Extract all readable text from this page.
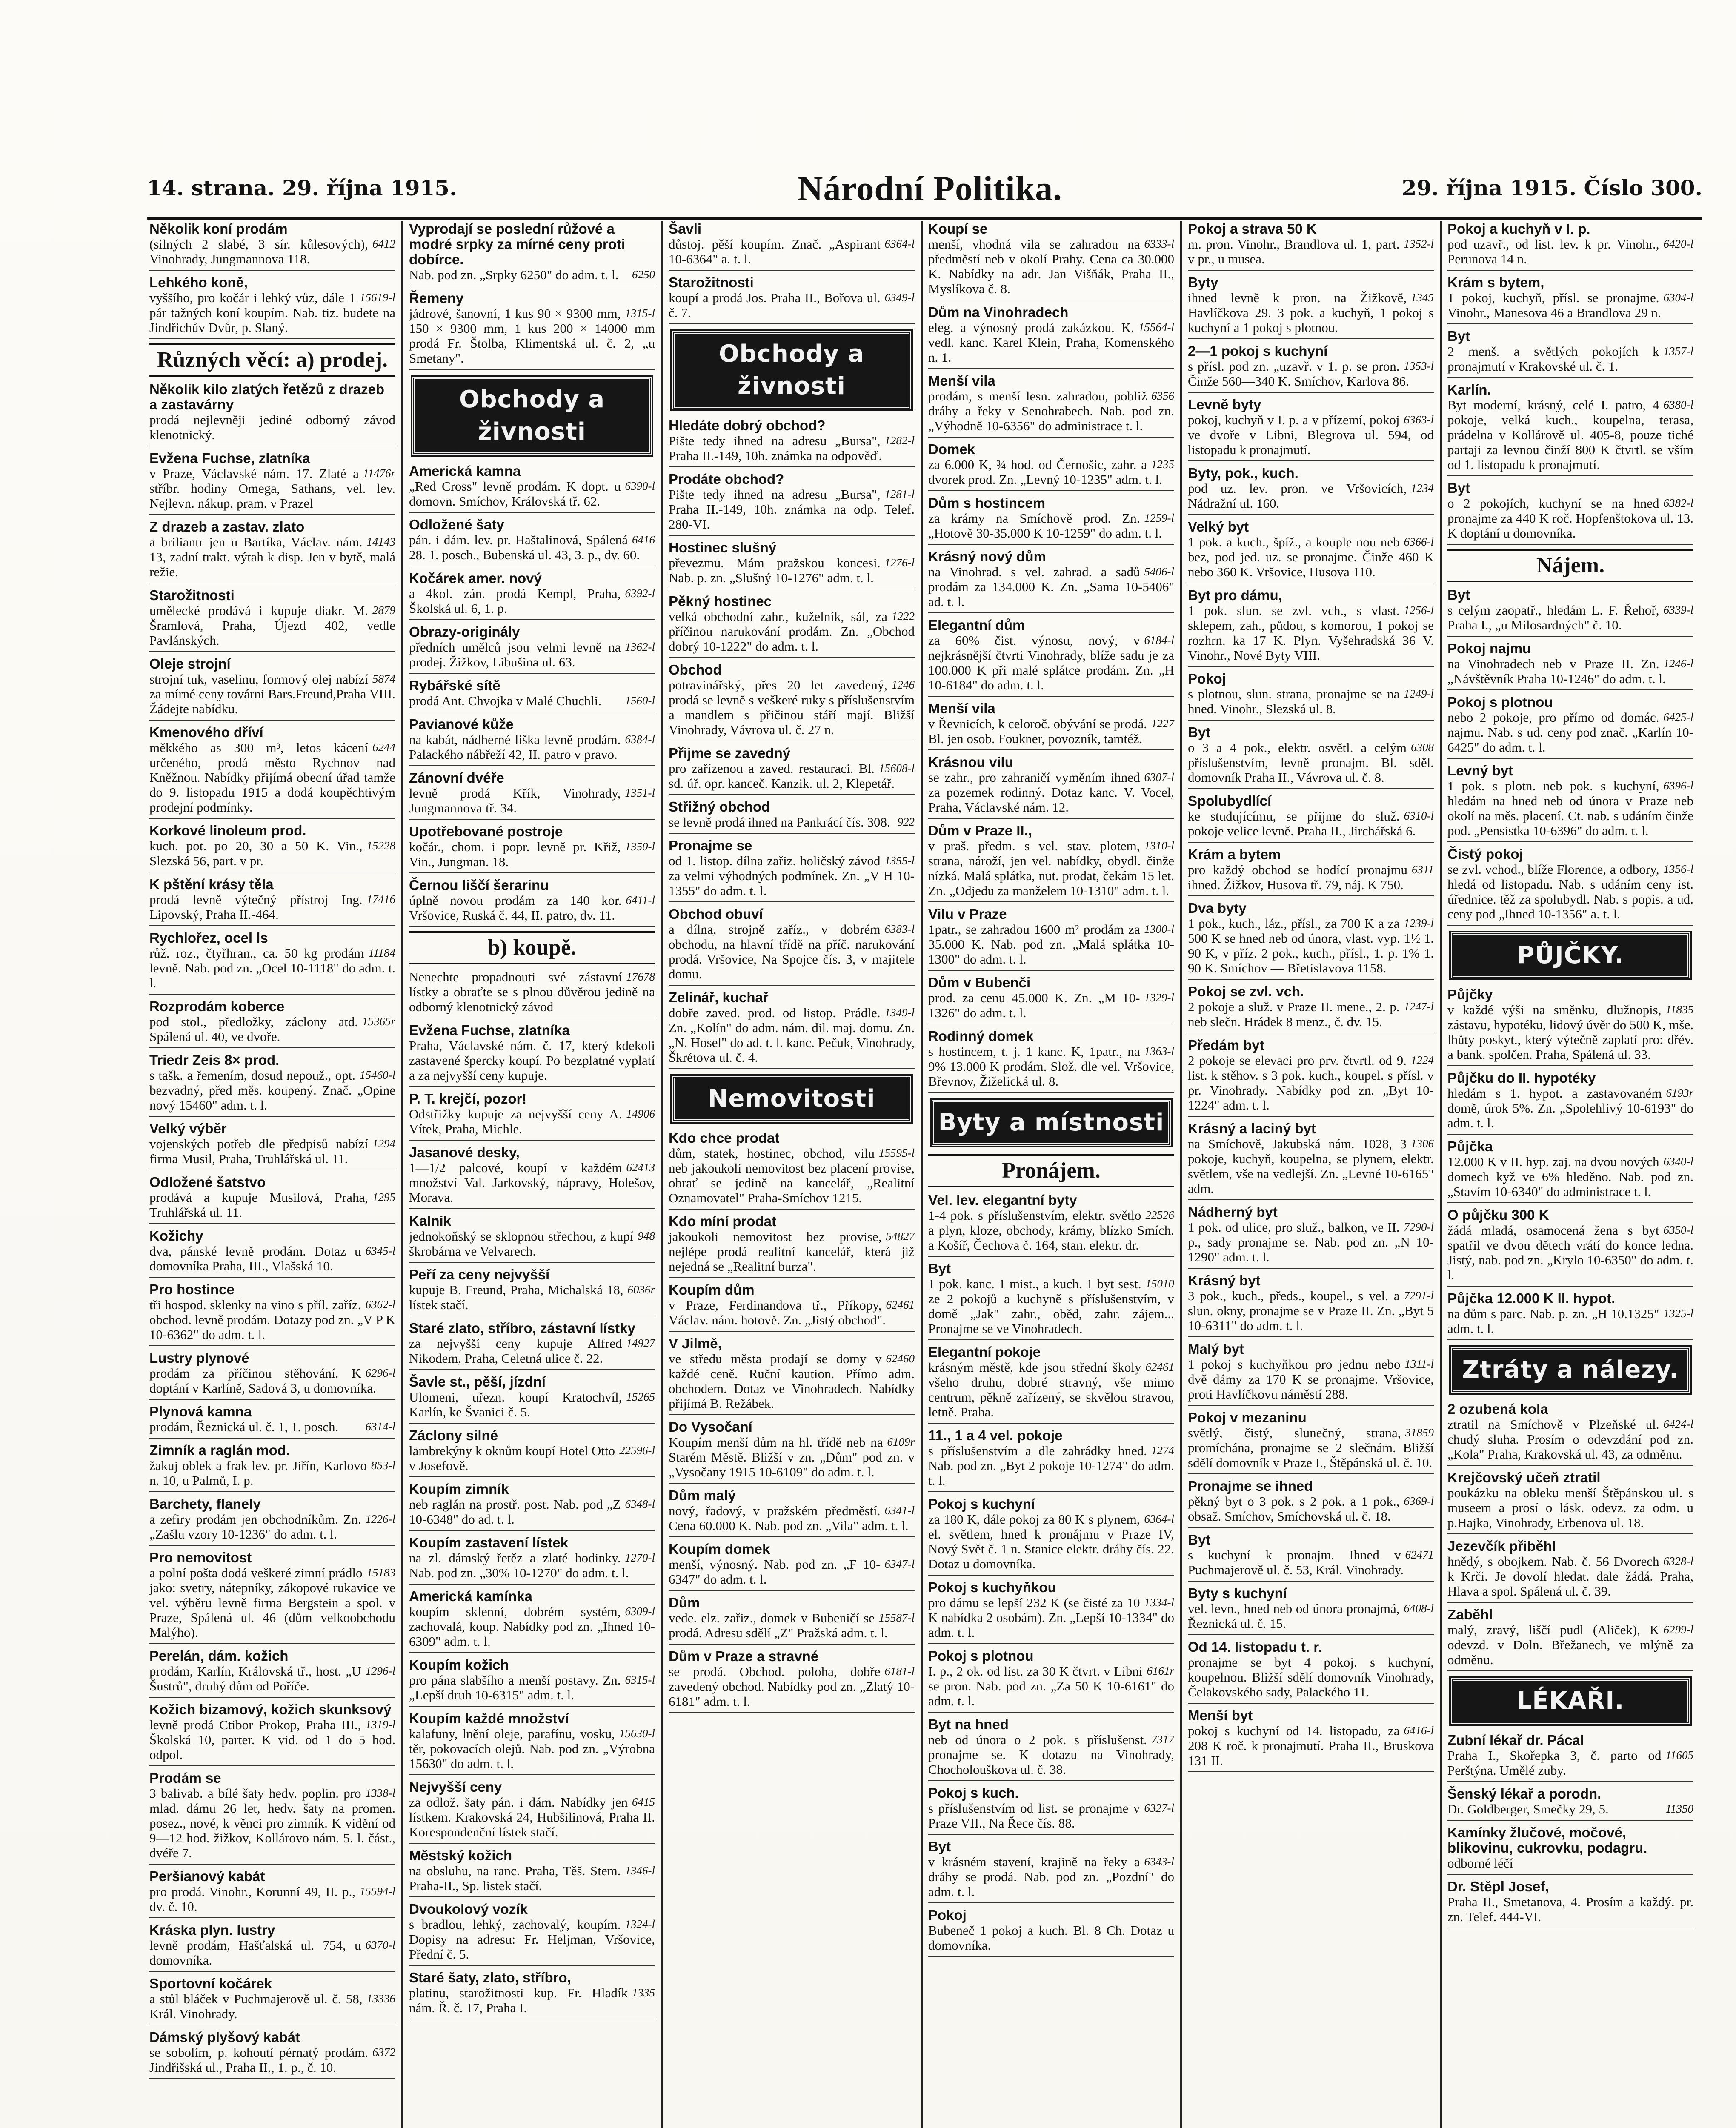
14. strana. 29. října 1915.	Národní Politika.	29. října 1915. Číslo 300.

Několik koní prodám

6412
(silných 2 slabé, 3 sír. kůlesových), Vinohrady, Jungmannova 118.

Lehkého koně,

15619-l
vyššího, pro kočár i lehký vůz, dále 1 pár tažných koní koupím. Nab. tiz. budete na Jindřichův Dvůr, p. Slaný.

Různých věcí: a) prodej.

Několik kilo zlatých řetězů z drazeb a zastavárny

prodá nejlevněji jediné odborný závod klenotnický.

Evžena Fuchse, zlatníka

11476r
v Praze, Václavské nám. 17. Zlaté a stříbr. hodiny Omega, Sathans, vel. lev. Nejlevn. nákup. pram. v Prazel

Z drazeb a zastav. zlato

14143
a briliantr jen u Bartíka, Václav. nám. 13, zadní trakt. výtah k disp. Jen v bytě, malá režie.

Starožitnosti

2879
umělecké prodává i kupuje diakr. M. Šramlová, Praha, Újezd 402, vedle Pavlánských.

Oleje strojní

5874
strojní tuk, vaselinu, formový olej nabízí za mírné ceny továrni Bars.Freund,Praha VIII. Žádejte nabídku.

Kmenového dříví

6244
měkkého as 300 m³, letos kácení určeného, prodá město Rychnov nad Kněžnou. Nabídky přijímá obecní úřad tamže do 9. listopadu 1915 a dodá koupěchtivým prodejní podmínky.

Korkové linoleum prod.

15228
kuch. pot. po 20, 30 a 50 K. Vin., Slezská 56, part. v pr.

K pštění krásy těla

17416
prodá levně výtečný přístroj Ing. Lipovský, Praha II.-464.

Rychlořez, ocel ls

11184
růž. roz., čtyřhran., ca. 50 kg prodám levně. Nab. pod zn. „Ocel 10-1118" do adm. t. l.

Rozprodám koberce

15365r
pod stol., předložky, záclony atd. Spálená ul. 40, ve dvoře.

Triedr Zeis 8× prod.

15460-l
s tašk. a řemením, dosud nepouž., opt. bezvadný, před měs. koupený. Znač. „Opine nový 15460" adm. t. l.

Velký výběr

1294
vojenských potřeb dle předpisů nabízí firma Musil, Praha, Truhlářská ul. 11.

Odložené šatstvo

1295
prodává a kupuje Musilová, Praha, Truhlářská ul. 11.

Kožichy

6345-l
dva, pánské levně prodám. Dotaz u domovníka Praha, III., Vlašská 10.

Pro hostince

6362-l
tři hospod. sklenky na vino s příl. zaříz. obchod. levně prodám. Dotazy pod zn. „V P K 10-6362" do adm. t. l.

Lustry plynové

6296-l
prodám za příčinou stěhování. K doptání v Karlíně, Sadová 3, u domovníka.

Plynová kamna

6314-l
prodám, Řeznická ul. č. 1, 1. posch.

Zimník a raglán mod.

853-l
žakuj oblek a frak lev. pr. Jiřín, Karlovo n. 10, u Palmů, I. p.

Barchety, flanely

1226-l
a zefiry prodám jen obchodníkům. Zn. „Zašlu vzory 10-1236" do adm. t. l.

Pro nemovitost

15183
a polní pošta dodá veškeré zimní prádlo jako: svetry, nátepníky, zákopové rukavice ve vel. výběru levně firma Bergstein a spol. v Praze, Spálená ul. 46 (dům velkoobchodu Malýho).

Perelán, dám. kožich

1296-l
prodám, Karlín, Královská tř., host. „U Šustrů", druhý dům od Poříče.

Kožich bizamový, kožich skunksový

1319-l
levně prodá Ctibor Prokop, Praha III., Školská 10, parter. K vid. od 1 do 5 hod. odpol.

Prodám se

1338-l
3 balivab. a bílé šaty hedv. poplin. pro mlad. dámu 26 let, hedv. šaty na promen. posez., nové, k věnci pro zimník. K vidění od 9—12 hod. žižkov, Kollárovo nám. 5. l. část., dvéře 7.

Peršianový kabát

15594-l
pro prodá. Vinohr., Korunní 49, II. p., dv. č. 10.

Kráska plyn. lustry

6370-l
levně prodám, Hašťalská ul. 754, u domovníka.

Sportovní kočárek

13336
a stůl bláček v Puchmajerově ul. č. 58, Král. Vinohrady.

Dámský plyšový kabát

6372
se sobolím, p. kohoutí pérnatý prodám. Jindřišská ul., Praha II., 1. p., č. 10.

Vyprodají se poslední růžové a modré srpky za mírné ceny proti dobírce.

6250
Nab. pod zn. „Srpky 6250" do adm. t. l.

Řemeny

1315-l
jádrové, šanovní, 1 kus 90 × 9300 mm, 150 × 9300 mm, 1 kus 200 × 14000 mm prodá Fr. Štolba, Klimentská ul. č. 2, „u Smetany".

Obchody a živnosti

Americká kamna

6390-l
„Red Cross" levně prodám. K dopt. u domovn. Smíchov, Královská tř. 62.

Odložené šaty

6416
pán. i dám. lev. pr. Haštalinová, Spálená 28. 1. posch., Bubenská ul. 43, 3. p., dv. 60.

Kočárek amer. nový

6392-l
a 4kol. zán. prodá Kempl, Praha, Školská ul. 6, 1. p.

Obrazy-originály

1362-l
předních umělců jsou velmi levně na prodej. Žižkov, Libušina ul. 63.

Rybářské sítě

1560-l
prodá Ant. Chvojka v Malé Chuchli.

Pavianové kůže

6384-l
na kabát, nádherné liška levně prodám. Palackého nábřeží 42, II. patro v pravo.

Zánovní dvéře

1351-l
levně prodá Křík, Vinohrady, Jungmannova tř. 34.

Upotřebované postroje

1350-l
kočár., chom. i popr. levně pr. Křiž, Vin., Jungman. 18.

Černou liščí šerarinu

6411-l
úplně novou prodám za 140 kor. Vršovice, Ruská č. 44, II. patro, dv. 11.

b) koupě.

17678
Nenechte propadnouti své zástavní lístky a obraťte se s plnou důvěrou jedině na odborný klenotnický závod

Evžena Fuchse, zlatníka

Praha, Václavské nám. č. 17, který kdekoli zastavené špercky koupí. Po bezplatné vyplatí a za nejvyšší ceny kupuje.

P. T. krejčí, pozor!

14906
Odstřižky kupuje za nejvyšší ceny A. Vítek, Praha, Michle.

Jasanové desky,

62413
1—1/2 palcové, koupí v každém množství Val. Jarkovský, nápravy, Holešov, Morava.

Kalnik

948
jednokoňský se sklopnou střechou, z kupí škrobárna ve Velvarech.

Peří za ceny nejvyšší

6036r
kupuje B. Freund, Praha, Michalská 18, lístek stačí.

Staré zlato, stříbro, zástavní lístky

14927
za nejvyšší ceny kupuje Alfred Nikodem, Praha, Celetná ulice č. 22.

Šavle st., pěší, jízdní

15265
Ulomeni, uřezn. koupí Kratochvíl, Karlín, ke Švanici č. 5.

Záclony silné

22596-l
lambrekýny k oknům koupí Hotel Otto v Josefově.

Koupím zimník

6348-l
neb raglán na prostř. post. Nab. pod „Z 10-6348" do ad. t. l.

Koupím zastavení lístek

1270-l
na zl. dámský řetěz a zlaté hodinky. Nab. pod zn. „30% 10-1270" do adm. t. l.

Americká kamínka

6309-l
koupím sklenní, dobrém systém, zachovalá, koup. Nabídky pod zn. „Ihned 10-6309" adm. t. l.

Koupím kožich

6315-l
pro pána slabšího a menší postavy. Zn. „Lepší druh 10-6315" adm. t. l.

Koupím každé množství

15630-l
kalafuny, lnění oleje, parafínu, vosku, těr, pokovacích olejů. Nab. pod zn. „Výrobna 15630" do adm. t. l.

Nejvyšší ceny

6415
za odlož. šaty pán. i dám. Nabídky jen lístkem. Krakovská 24, Hubšilinová, Praha II. Korespondenční lístek stačí.

Městský kožich

1346-l
na obsluhu, na ranc. Praha, Těš. Stem. Praha-II., Sp. listek stačí.

Dvoukolový vozík

1324-l
s bradlou, lehký, zachovalý, koupím. Dopisy na adresu: Fr. Heljman, Vršovice, Přední č. 5.

Staré šaty, zlato, stříbro,

1335
platinu, starožitnosti kup. Fr. Hladík nám. Ř. č. 17, Praha I.

Šavli

6364-l
důstoj. pěší koupím. Znač. „Aspirant 10-6364" a. t. l.

Starožitnosti

6349-l
koupí a prodá Jos. Praha II., Bořova ul. č. 7.

Obchody a živnosti

Hledáte dobrý obchod?

1282-l
Pište tedy ihned na adresu „Bursa", Praha II.-149, 10h. známka na odpověď.

Prodáte obchod?

1281-l
Pište tedy ihned na adresu „Bursa", Praha II.-149, 10h. známka na odp. Telef. 280-VI.

Hostinec slušný

1276-l
převezmu. Mám pražskou koncesi. Nab. p. zn. „Slušný 10-1276" adm. t. l.

Pěkný hostinec

1222
velká obchodní zahr., kuželník, sál, za příčinou narukování prodám. Zn. „Obchod dobrý 10-1222" do adm. t. l.

Obchod

1246
potravinářský, přes 20 let zavedený, prodá se levně s veškeré ruky s příslušenstvím a mandlem s přičinou stáří mají. Bližší Vinohrady, Vávrova ul. č. 27 n.

Přijme se zavedný

15608-l
pro zařízenou a zaved. restauraci. Bl. sd. úř. opr. kanceč. Kanzik. ul. 2, Klepetář.

Střižný obchod

922
se levně prodá ihned na Pankrácí čís. 308.

Pronajme se

1355-l
od 1. listop. dílna zařiz. holičský závod za velmi výhodných podmínek. Zn. „V H 10-1355" do adm. t. l.

Obchod obuví

6383-l
a dílna, strojně zaříz., v dobrém obchodu, na hlavní třídě na příč. narukování prodá. Vršovice, Na Spojce čís. 3, v majitele domu.

Zelinář, kuchař

1349-l
dobře zaved. prod. od listop. Prádle. Zn. „Kolín" do adm. nám. dil. maj. domu. Zn. „N. Hosel" do ad. t. l. kanc. Pečuk, Vinohrady, Škrétova ul. č. 4.

Nemovitosti

Kdo chce prodat

15595-l
dům, statek, hostinec, obchod, vilu neb jakoukoli nemovitost bez placení provise, obrať se jedině na kancelář, „Realitní Oznamovatel" Praha-Smíchov 1215.

Kdo míní prodat

54827
jakoukoli nemovitost bez provise, nejlépe prodá realitní kancelář, která již nejedná se „Realitní burza".

Koupím dům

62461
v Praze, Ferdinandova tř., Příkopy, Václav. nám. hotově. Zn. „Jistý obchod".

V Jilmě,

62460
ve středu města prodají se domy v každé ceně. Ruční kaution. Přímo adm. obchodem. Dotaz ve Vinohradech. Nabídky přijímá B. Režábek.

Do Vysočaní

6109r
Koupím menší dům na hl. třídě neb na Starém Městě. Bližší v zn. „Dům" pod zn. v „Vysočany 1915 10-6109" do adm. t. l.

Dům malý

6341-l
nový, řadový, v pražském předměstí. Cena 60.000 K. Nab. pod zn. „Vila" adm. t. l.

Koupím domek

6347-l
menší, výnosný. Nab. pod zn. „F 10-6347" do adm. t. l.

Dům

15587-l
vede. elz. zařiz., domek v Bubeničí se prodá. Adresu sdělí „Z" Pražská adm. t. l.

Dům v Praze a stravné

6181-l
se prodá. Obchod. poloha, dobře zavedený obchod. Nabídky pod zn. „Zlatý 10-6181" adm. t. l.

Koupí se

6333-l
menší, vhodná vila se zahradou na předměstí neb v okolí Prahy. Cena ca 30.000 K. Nabídky na adr. Jan Višňák, Praha II., Myslíkova č. 8.

Dům na Vinohradech

15564-l
eleg. a výnosný prodá zakázkou. K. vedl. kanc. Karel Klein, Praha, Komenského n. 1.

Menší vila

6356
prodám, s menší lesn. zahradou, pobliž dráhy a řeky v Senohrabech. Nab. pod zn. „Výhodně 10-6356" do administrace t. l.

Domek

1235
za 6.000 K, ¾ hod. od Černošic, zahr. a dvorek prod. Zn. „Levný 10-1235" adm. t. l.

Dům s hostincem

1259-l
za krámy na Smíchově prod. Zn. „Hotově 30-35.000 K 10-1259" do adm. t. l.

Krásný nový dům

5406-l
na Vinohrad. s vel. zahrad. a sadů prodám za 134.000 K. Zn. „Sama 10-5406" ad. t. l.

Elegantní dům

6184-l
za 60% čist. výnosu, nový, v nejkrásnější čtvrti Vinohrady, blíže sadu je za 100.000 K při malé splátce prodám. Zn. „H 10-6184" do adm. t. l.

Menší vila

1227
v Řevnicích, k celoroč. obývání se prodá. Bl. jen osob. Foukner, povozník, tamtéž.

Krásnou vilu

6307-l
se zahr., pro zahraničí vyměním ihned za pozemek rodinný. Dotaz kanc. V. Vocel, Praha, Václavské nám. 12.

Dům v Praze II.,

1310-l
v praš. předm. s vel. stav. plotem, strana, nároží, jen vel. nabídky, obydl. činže nízká. Malá splátka, nut. prodat, čekám 15 let. Zn. „Odjedu za manželem 10-1310" adm. t. l.

Vilu v Praze

1300-l
1patr., se zahradou 1600 m² prodám za 35.000 K. Nab. pod zn. „Malá splátka 10-1300" do adm. t. l.

Dům v Bubenči

1329-l
prod. za cenu 45.000 K. Zn. „M 10-1326" do adm. t. l.

Rodinný domek

1363-l
s hostincem, t. j. 1 kanc. K, 1patr., na 9% 13.000 K prodám. Slož. dle vel. Vršovice, Břevnov, Žiželická ul. 8.

Byty a místnosti
Pronájem.

Vel. lev. elegantní byty

22526
1-4 pok. s příslušenstvím, elektr. světlo a plyn, kloze, obchody, krámy, blízko Smích. a Košíř, Čechova č. 164, stan. elektr. dr.

Byt

15010
1 pok. kanc. 1 mist., a kuch. 1 byt sest. ze 2 pokojů a kuchyně s příslušenstvím, v domě „Jak" zahr., oběd, zahr. zájem... Pronajme se ve Vinohradech.

Elegantní pokoje

62461
krásným městě, kde jsou střední školy všeho druhu, dobré stravný, vše mimo centrum, pěkně zařízený, se skvělou stravou, letně. Praha.

11., 1 a 4 vel. pokoje

1274
s příslušenstvím a dle zahrádky hned. Nab. pod zn. „Byt 2 pokoje 10-1274" do adm. t. l.

Pokoj s kuchyní

6364-l
za 180 K, dále pokoj za 80 K s plynem, el. světlem, hned k pronájmu v Praze IV, Nový Svět č. 1 n. Stanice elektr. dráhy čís. 22. Dotaz u domovníka.

Pokoj s kuchyňkou

1334-l
pro dámu se lepší 232 K (se čisté za 10 K nabídka 2 osobám). Zn. „Lepší 10-1334" do adm. t. l.

Pokoj s plotnou

6161r
I. p., 2 ok. od list. za 30 K čtvrt. v Libni se pron. Nab. pod zn. „Za 50 K 10-6161" do adm. t. l.

Byt na hned

7317
neb od února o 2 pok. s příslušenst. pronajme se. K dotazu na Vinohrady, Chocholouškova ul. č. 38.

Pokoj s kuch.

6327-l
s příslušenstvím od list. se pronajme v Praze VII., Na Řece čís. 88.

Byt

6343-l
v krásném stavení, krajině na řeky a dráhy se prodá. Nab. pod zn. „Pozdní" do adm. t. l.

Pokoj

Bubeneč 1 pokoj a kuch. Bl. 8 Ch. Dotaz u domovníka.

Pokoj a strava 50 K

1352-l
m. pron. Vinohr., Brandlova ul. 1, part. v pr., u musea.

Byty

1345
ihned levně k pron. na Žižkově, Havlíčkova 29. 3 pok. a kuchyň, 1 pokoj s kuchyní a 1 pokoj s plotnou.

2—1 pokoj s kuchyní

1353-l
s přísl. pod zn. „uzavř. v 1. p. se pron. Činže 560—340 K. Smíchov, Karlova 86.

Levně byty

6363-l
pokoj, kuchyň v I. p. a v přízemí, pokoj ve dvoře v Libni, Blegrova ul. 594, od listopadu k pronajmutí.

Byty, pok., kuch.

1234
pod uz. lev. pron. ve Vršovicích, Nádražní ul. 160.

Velký byt

6366-l
1 pok. a kuch., špíž., a kouple nou neb bez, pod jed. uz. se pronajme. Činže 460 K nebo 360 K. Vršovice, Husova 110.

Byt pro dámu,

1256-l
1 pok. slun. se zvl. vch., s vlast. sklepem, zah., půdou, s komorou, 1 pokoj se rozhrn. ka 17 K. Plyn. Vyšehradská 36 V. Vinohr., Nové Byty VIII.

Pokoj

1249-l
s plotnou, slun. strana, pronajme se na hned. Vinohr., Slezská ul. 8.

Byt

6308
o 3 a 4 pok., elektr. osvětl. a celým příslušenstvím, levně pronajm. Bl. sděl. domovník Praha II., Vávrova ul. č. 8.

Spolubydlící

6310-l
ke studujícímu, se přijme do služ. pokoje velice levně. Praha II., Jirchářská 6.

Krám a bytem

6311
pro každý obchod se hodící pronajmu ihned. Žižkov, Husova tř. 79, náj. K 750.

Dva byty

1239-l
1 pok., kuch., láz., přísl., za 700 K a za 500 K se hned neb od února, vlast. vyp. 1½ 1. 90 K, v příz. 2 pok., kuch., přísl., 1. p. 1% 1. 90 K. Smíchov — Břetislavova 1158.

Pokoj se zvl. vch.

1247-l
2 pokoje a služ. v Praze II. mene., 2. p. neb slečn. Hrádek 8 menz., č. dv. 15.

Předám byt

1224
2 pokoje se elevaci pro prv. čtvrtl. od 9. list. k stěhov. s 3 pok. kuch., koupel. s přísl. v pr. Vinohrady. Nabídky pod zn. „Byt 10-1224" adm. t. l.

Krásný a laciný byt

1306
na Smíchově, Jakubská nám. 1028, 3 pokoje, kuchyň, koupelna, se plynem, elektr. světlem, vše na vedlejší. Zn. „Levné 10-6165" adm.

Nádherný byt

7290-l
1 pok. od ulice, pro služ., balkon, ve II. p., sady pronajme se. Nab. pod zn. „N 10-1290" adm. t. l.

Krásný byt

7291-l
3 pok., kuch., předs., koupel., s vel. a slun. okny, pronajme se v Praze II. Zn. „Byt 5 10-6311" do adm. t. l.

Malý byt

1311-l
1 pokoj s kuchyňkou pro jednu nebo dvě dámy za 170 K se pronajme. Vršovice, proti Havlíčkovu náměstí 288.

Pokoj v mezaninu

31859
světlý, čistý, slunečný, strana, promíchána, pronajme se 2 slečnám. Bližší sdělí domovník v Praze I., Štěpánská ul. č. 10.

Pronajme se ihned

6369-l
pěkný byt o 3 pok. s 2 pok. a 1 pok., obsaž. Smíchov, Smíchovská ul. č. 18.

Byt

62471
s kuchyní k pronajm. Ihned v Puchmajerově ul. č. 53, Král. Vinohrady.

Byty s kuchyní

6408-l
vel. levn., hned neb od února pronajmá, Řeznická ul. č. 15.

Od 14. listopadu t. r.

pronajme se byt 4 pokoj. s kuchyní, koupelnou. Bližší sdělí domovník Vinohrady, Čelakovského sady, Palackého 11.

Menší byt

6416-l
pokoj s kuchyní od 14. listopadu, za 208 K roč. k pronajmutí. Praha II., Bruskova 131 II.

Pokoj a kuchyň v I. p.

6420-l
pod uzavř., od list. lev. k pr. Vinohr., Perunova 14 n.

Krám s bytem,

6304-l
1 pokoj, kuchyň, přísl. se pronajme. Vinohr., Manesova 46 a Brandlova 29 n.

Byt

1357-l
2 menš. a světlých pokojích k pronajmutí v Krakovské ul. č. 1.

Karlín.

6380-l
Byt moderní, krásný, celé I. patro, 4 pokoje, velká kuch., koupelna, terasa, prádelna v Kollárově ul. 405-8, pouze tiché partaji za levnou činží 800 K čtvrtl. se vším od 1. listopadu k pronajmutí.

Byt

6382-l
o 2 pokojích, kuchyní se na hned pronajme za 440 K roč. Hopfenštokova ul. 13. K doptání u domovníka.

Nájem.

Byt

6339-l
s celým zaopatř., hledám L. F. Řehoř, Praha I., „u Milosardných" č. 10.

Pokoj najmu

1246-l
na Vinohradech neb v Praze II. Zn. „Návštěvník Praha 10-1246" do adm. t. l.

Pokoj s plotnou

6425-l
nebo 2 pokoje, pro přímo od domác. najmu. Nab. s ud. ceny pod znač. „Karlín 10-6425" do adm. t. l.

Levný byt

6396-l
1 pok. s plotn. neb pok. s kuchyní, hledám na hned neb od února v Praze neb okolí na měs. placení. Ct. nab. s udáním činže pod. „Pensistka 10-6396" do adm. t. l.

Čistý pokoj

1356-l
se zvl. vchod., blíže Florence, a odbory, hledá od listopadu. Nab. s udáním ceny ist. úřednice. těž za spolubydl. Nab. s popis. a ud. ceny pod „Ihned 10-1356" a. t. l.

PŮJČKY.

Půjčky

11835
v každé výši na směnku, dlužnopis, zástavu, hypotéku, lidový úvěr do 500 K, mše. lhůty poskyt., který výtečně zaplatí pro: dřév. a bank. spolčen. Praha, Spálená ul. 33.

Půjčku do II. hypotéky

6193r
hledám s 1. hypot. a zastavovaném domě, úrok 5%. Zn. „Spolehlivý 10-6193" do adm. t. l.

Půjčka

6340-l
12.000 K v II. hyp. zaj. na dvou nových domech kyž ve 6% hleděno. Nab. pod zn. „Stavím 10-6340" do administrace t. l.

O půjčku 300 K

6350-l
žádá mladá, osamocená žena s byt spatřil ve dvou dětech vrátí do konce ledna. Jistý, nab. pod zn. „Krylo 10-6350" do adm. t. l.

Půjčka 12.000 K II. hypot.

1325-l
na dům s parc. Nab. p. zn. „H 10.1325" adm. t. l.

Ztráty a nálezy.

2 ozubená kola

6424-l
ztratil na Smíchově v Plzeňské ul. chudý sluha. Prosím o odevzdání pod zn. „Kola" Praha, Krakovská ul. 43, za odměnu.

Krejčovský učeň ztratil

poukázku na obleku menší Štěpánskou ul. s museem a prosí o lásk. odevz. za odm. u p.Hajka, Vinohrady, Erbenova ul. 18.

Jezevčík přiběhl

6328-l
hnědý, s obojkem. Nab. č. 56 Dvorech k Krči. Je dovolí hledat. dale žádá. Praha, Hlava a spol. Spálená ul. č. 39.

Zaběhl

6299-l
malý, zravý, liščí pudl (Aliček), K odevzd. v Doln. Břežanech, ve mlýně za odměnu.

LÉKAŘI.

Zubní lékař dr. Pácal

11605
Praha I., Skořepka 3, č. parto od Perštýna. Umělé zuby.

Šenský lékař a porodn.

11350
Dr. Goldberger, Smečky 29, 5.

Kamínky žlučové, močové, blikovinu, cukrovku, podagru.

odborné léčí

Dr. Stěpl Josef,

Praha II., Smetanova, 4. Prosím a každý. pr. zn. Telef. 444-VI.
